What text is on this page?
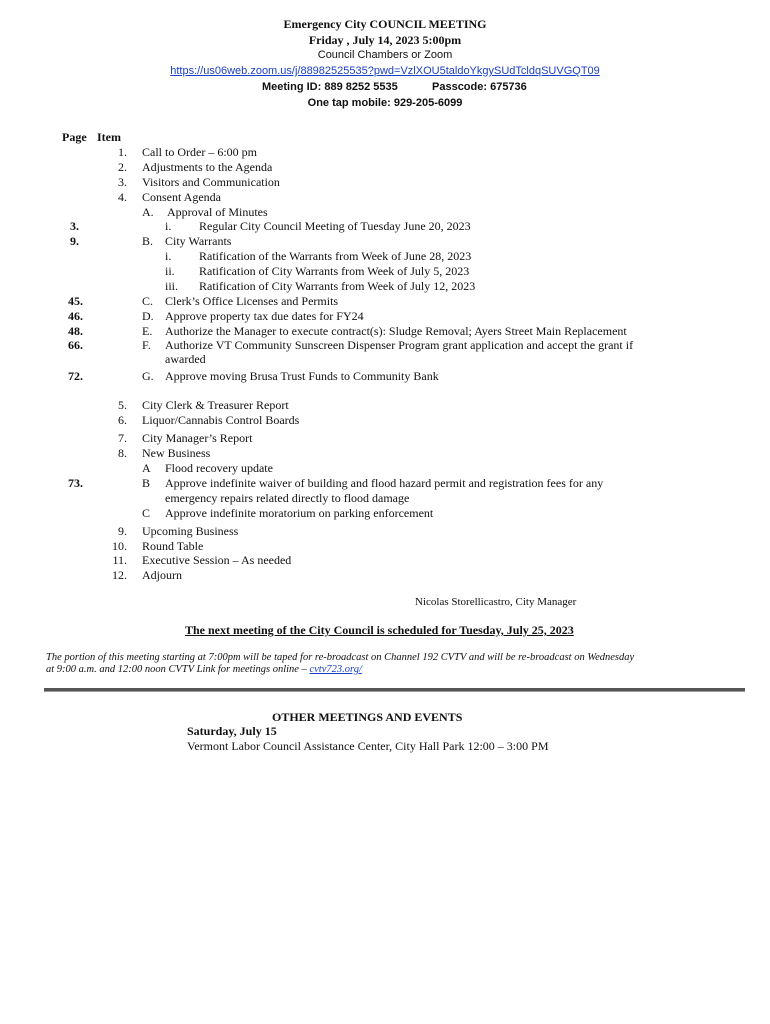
Emergency City COUNCIL MEETING
Friday , July 14, 2023 5:00pm
Council Chambers or Zoom
https://us06web.zoom.us/j/88982525535?pwd=VzlXOU5taldoYkgySUdTcldqSUVGQT09
Meeting ID: 889 8252 5535	Passcode: 675736
One tap mobile: 929-205-6099
Page Item
1. Call to Order – 6:00 pm
2. Adjustments to the Agenda
3. Visitors and Communication
4. Consent Agenda
A. Approval of Minutes
3.	i. Regular City Council Meeting of Tuesday June 20, 2023
9.	B. City Warrants
i. Ratification of the Warrants from Week of June 28, 2023
ii. Ratification of City Warrants from Week of July 5, 2023
iii. Ratification of City Warrants from Week of July 12, 2023
45.	C. Clerk’s Office Licenses and Permits
46.	D. Approve property tax due dates for FY24
48.	E. Authorize the Manager to execute contract(s): Sludge Removal; Ayers Street Main Replacement
66.	F. Authorize VT Community Sunscreen Dispenser Program grant application and accept the grant if
awarded
72.	G. Approve moving Brusa Trust Funds to Community Bank
5. City Clerk & Treasurer Report
6. Liquor/Cannabis Control Boards
7. City Manager’s Report
8. New Business
A Flood recovery update
73.	B Approve indefinite waiver of building and flood hazard permit and registration fees for any
emergency repairs related directly to flood damage
C Approve indefinite moratorium on parking enforcement
9. Upcoming Business
10. Round Table
11. Executive Session – As needed
12. Adjourn
Nicolas Storellicastro, City Manager
The next meeting of the City Council is scheduled for Tuesday, July 25, 2023
The portion of this meeting starting at 7:00pm will be taped for re-broadcast on Channel 192 CVTV and will be re-broadcast on Wednesday
at 9:00 a.m. and 12:00 noon CVTV Link for meetings online – cvtv723.org/
OTHER MEETINGS AND EVENTS
Saturday, July 15
Vermont Labor Council Assistance Center, City Hall Park 12:00 – 3:00 PM
